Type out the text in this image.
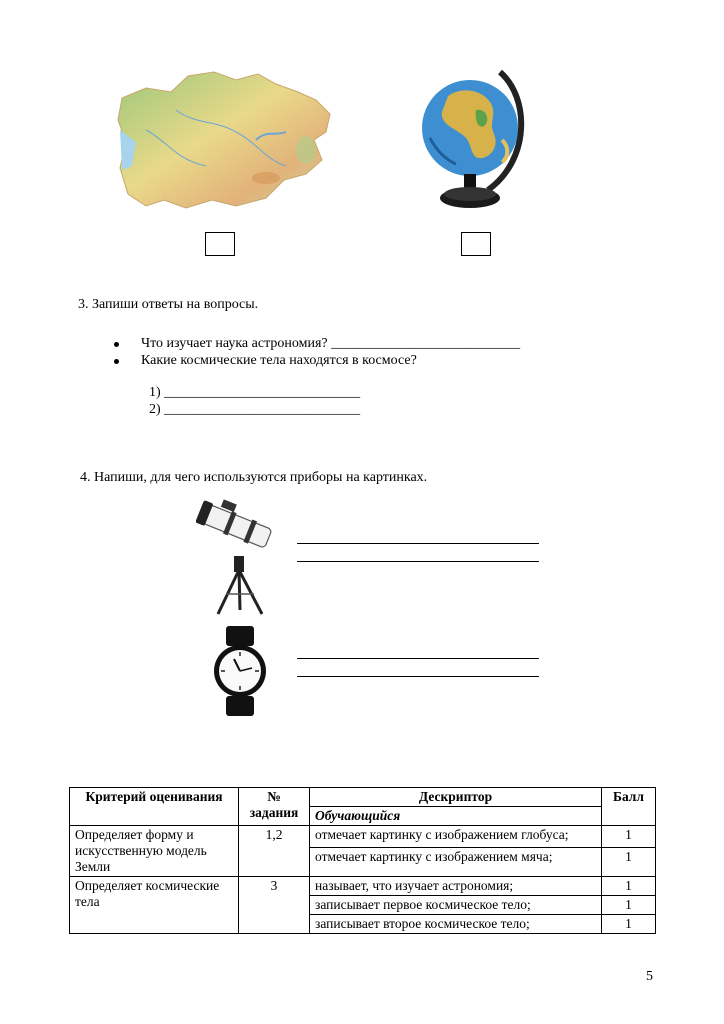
3. Запиши ответы на вопросы.
Что изучает наука астрономия? ___________________________
Какие космические тела находятся в космосе?
1) ____________________________
2) ____________________________
4. Напиши, для чего используются приборы на картинках.
Критерий оценивания	№ задания	Дескриптор	Балл
		Обучающийся	
Определяет форму и искусственную модель Земли	1,2	отмечает картинку с изображением глобуса;	1
		отмечает картинку с изображением мяча;	1
Определяет космические тела	3	называет, что изучает астрономия;	1
		записывает первое космическое тело;	1
		записывает второе космическое тело;	1
5
